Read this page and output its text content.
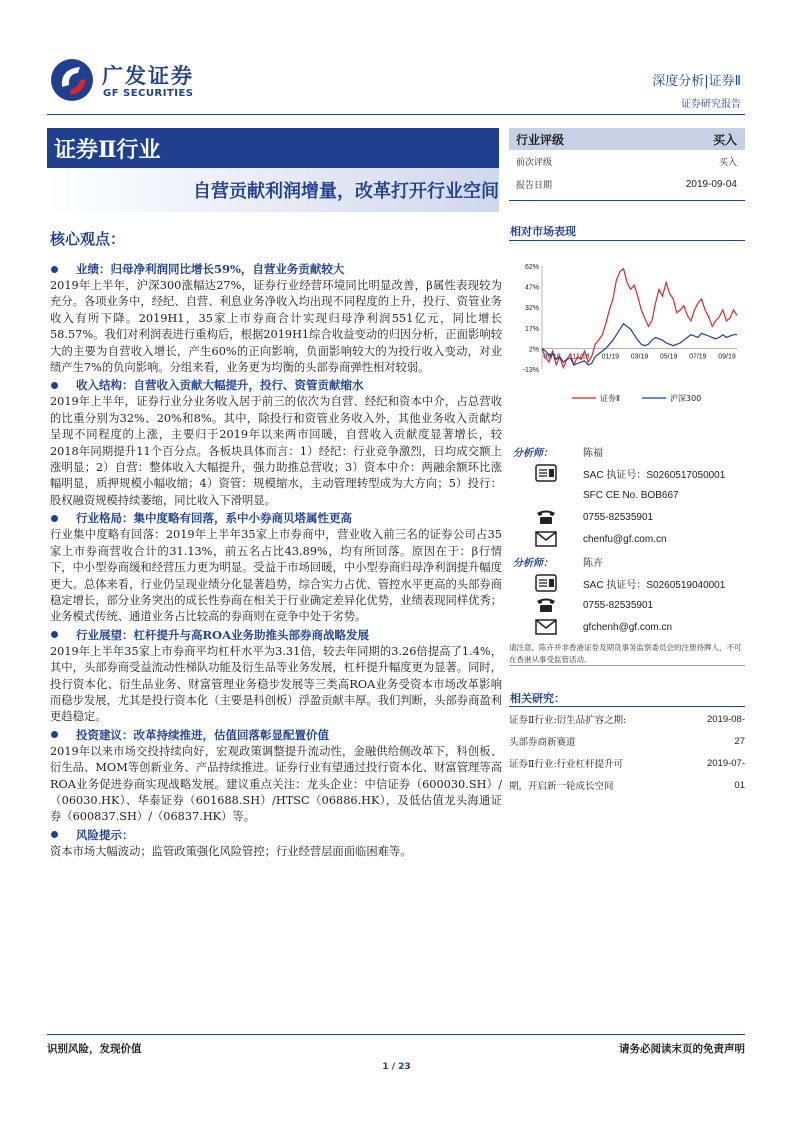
广发证券
GF SECURITIES
深度分析|证券Ⅱ
证券研究报告
证券Ⅱ行业
自营贡献利润增量，改革打开行业空间
行业评级	买入
前次评级	买入
报告日期	2019-09-04
相对市场表现
62%
47%
32%
17%
2%
-13%
09/18 11/18 01/19 03/19 05/19 07/19 09/19
证券Ⅱ	沪深300
核心观点：
业绩：归母净利润同比增长59%，自营业务贡献较大
2019年上半年，沪深300涨幅达27%，证券行业经营环境同比明显改善，β属性表现较为充分。各项业务中，经纪、自营、利息业务净收入均出现不同程度的上升，投行、资管业务收入有所下降。2019H1，35家上市券商合计实现归母净利润551亿元，同比增长58.57%。我们对利润表进行重构后，根据2019H1综合收益变动的归因分析，正面影响较大的主要为自营收入增长，产生60%的正向影响，负面影响较大的为投行收入变动，对业绩产生7%的负向影响。分组来看，业务更为均衡的头部券商弹性相对较弱。
收入结构：自营收入贡献大幅提升，投行、资管贡献缩水
2019年上半年，证券行业分业务收入居于前三的依次为自营、经纪和资本中介，占总营收的比重分别为32%、20%和8%。其中，除投行和资管业务收入外，其他业务收入贡献均呈现不同程度的上涨，主要归于2019年以来两市回暖，自营收入贡献度显著增长，较2018年同期提升11个百分点。各板块具体而言：1）经纪：行业竞争激烈，日均成交额上涨明显；2）自营：整体收入大幅提升，强力助推总营收；3）资本中介：两融余额环比涨幅明显，质押规模小幅收缩；4）资管：规模缩水，主动管理转型成为大方向；5）投行：股权融资规模持续萎缩，同比收入下滑明显。
行业格局：集中度略有回落，系中小券商贝塔属性更高
行业集中度略有回落：2019年上半年35家上市券商中，营业收入前三名的证券公司占35家上市券商营收合计的31.13%，前五名占比43.89%，均有所回落。原因在于：β行情下，中小型券商缓和经营压力更为明显。受益于市场回暖，中小型券商归母净利润提升幅度更大。总体来看，行业仍呈现业绩分化显著趋势，综合实力占优、管控水平更高的头部券商稳定增长，部分业务突出的成长性券商在相关于行业确定差异化优势，业绩表现同样优秀；业务模式传统、通道业务占比较高的券商则在竞争中处于劣势。
行业展望：杠杆提升与高ROA业务助推头部券商战略发展
2019年上半年35家上市券商平均杠杆水平为3.31倍，较去年同期的3.26倍提高了1.4%，其中，头部券商受益流动性梯队功能及衍生品等业务发展，杠杆提升幅度更为显著。同时，投行资本化、衍生品业务、财富管理业务稳步发展等三类高ROA业务受资本市场改革影响而稳步发展，尤其是投行资本化（主要是科创板）浮盈贡献丰厚。我们判断，头部券商盈利更趋稳定。
投资建议：改革持续推进，估值回落彰显配置价值
2019年以来市场交投持续向好，宏观政策调整提升流动性，金融供给侧改革下，科创板、衍生品、MOM等创新业务、产品持续推进。证券行业有望通过投行资本化、财富管理等高ROA业务促进券商实现战略发展。建议重点关注：龙头企业：中信证券（600030.SH）/（06030.HK）、华泰证券（601688.SH）/HTSC（06886.HK），及低估值龙头海通证券（600837.SH）/（06837.HK）等。
风险提示：
资本市场大幅波动；监管政策强化风险管控；行业经营层面面临困难等。
分析师：	陈福
SAC 执证号：S0260517050001
SFC CE No. BOB667
0755-82535901
chenfu@gf.com.cn
分析师：	陈卉
SAC 执证号：S0260519040001
0755-82535901
gfchenh@gf.com.cn
请注意，陈卉并非香港证券及期货事务监察委员会的注册持牌人，不可在香港从事受监管活动。
相关研究：
证券Ⅱ行业:衍生品扩容之期:	2019-08-
头部券商新赛道	27
证券Ⅱ行业:行业杠杆提升可	2019-07-
期，开启新一轮成长空间	01
识别风险，发现价值	请务必阅读末页的免责声明
1 / 23
